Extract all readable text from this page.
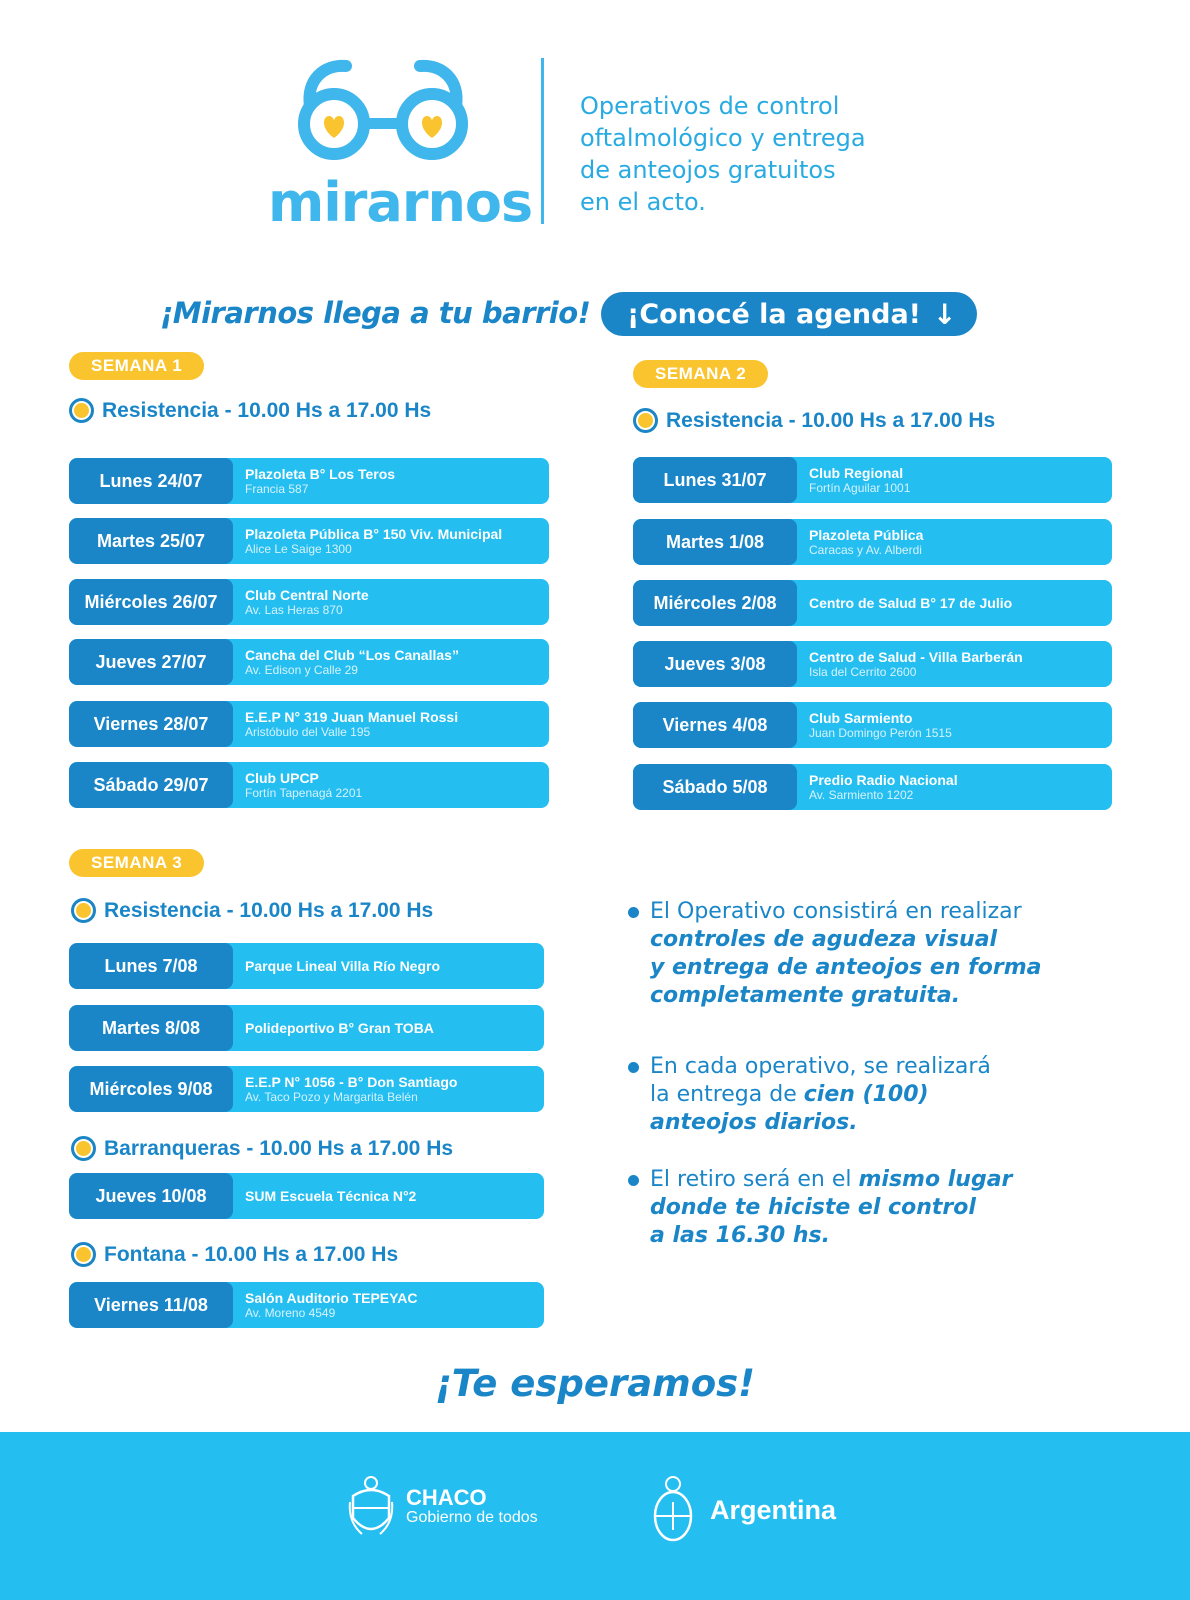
mirarnos
Operativos de control
oftalmológico y entrega
de anteojos gratuitos
en el acto.
¡Mirarnos llega a tu barrio! ¡Conocé la agenda! ↓
SEMANA 1
Resistencia - 10.00 Hs a 17.00 Hs
Lunes 24/07	Plazoleta B° Los Teros
Francia 587
Martes 25/07	Plazoleta Pública B° 150 Viv. Municipal
Alice Le Saige 1300
Miércoles 26/07	Club Central Norte
Av. Las Heras 870
Jueves 27/07	Cancha del Club “Los Canallas”
Av. Edison y Calle 29
Viernes 28/07	E.E.P N° 319 Juan Manuel Rossi
Aristóbulo del Valle 195
Sábado 29/07	Club UPCP
Fortín Tapenagá 2201
SEMANA 2
Resistencia - 10.00 Hs a 17.00 Hs
Lunes 31/07	Club Regional
Fortín Aguilar 1001
Martes 1/08	Plazoleta Pública
Caracas y Av. Alberdi
Miércoles 2/08	Centro de Salud B° 17 de Julio
Jueves 3/08	Centro de Salud - Villa Barberán
Isla del Cerrito 2600
Viernes 4/08	Club Sarmiento
Juan Domingo Perón 1515
Sábado 5/08	Predio Radio Nacional
Av. Sarmiento 1202
SEMANA 3
Resistencia - 10.00 Hs a 17.00 Hs
Lunes 7/08	Parque Lineal Villa Río Negro
Martes 8/08	Polideportivo B° Gran TOBA
Miércoles 9/08	E.E.P N° 1056 - B° Don Santiago
Av. Taco Pozo y Margarita Belén
Barranqueras - 10.00 Hs a 17.00 Hs
Jueves 10/08	SUM Escuela Técnica N°2
Fontana - 10.00 Hs a 17.00 Hs
Viernes 11/08	Salón Auditorio TEPEYAC
Av. Moreno 4549
El Operativo consistirá en realizar
controles de agudeza visual
y entrega de anteojos en forma
completamente gratuita.
En cada operativo, se realizará
la entrega de cien (100)
anteojos diarios.
El retiro será en el mismo lugar
donde te hiciste el control
a las 16.30 hs.
¡Te esperamos!
CHACO
Gobierno de todos	Argentina
